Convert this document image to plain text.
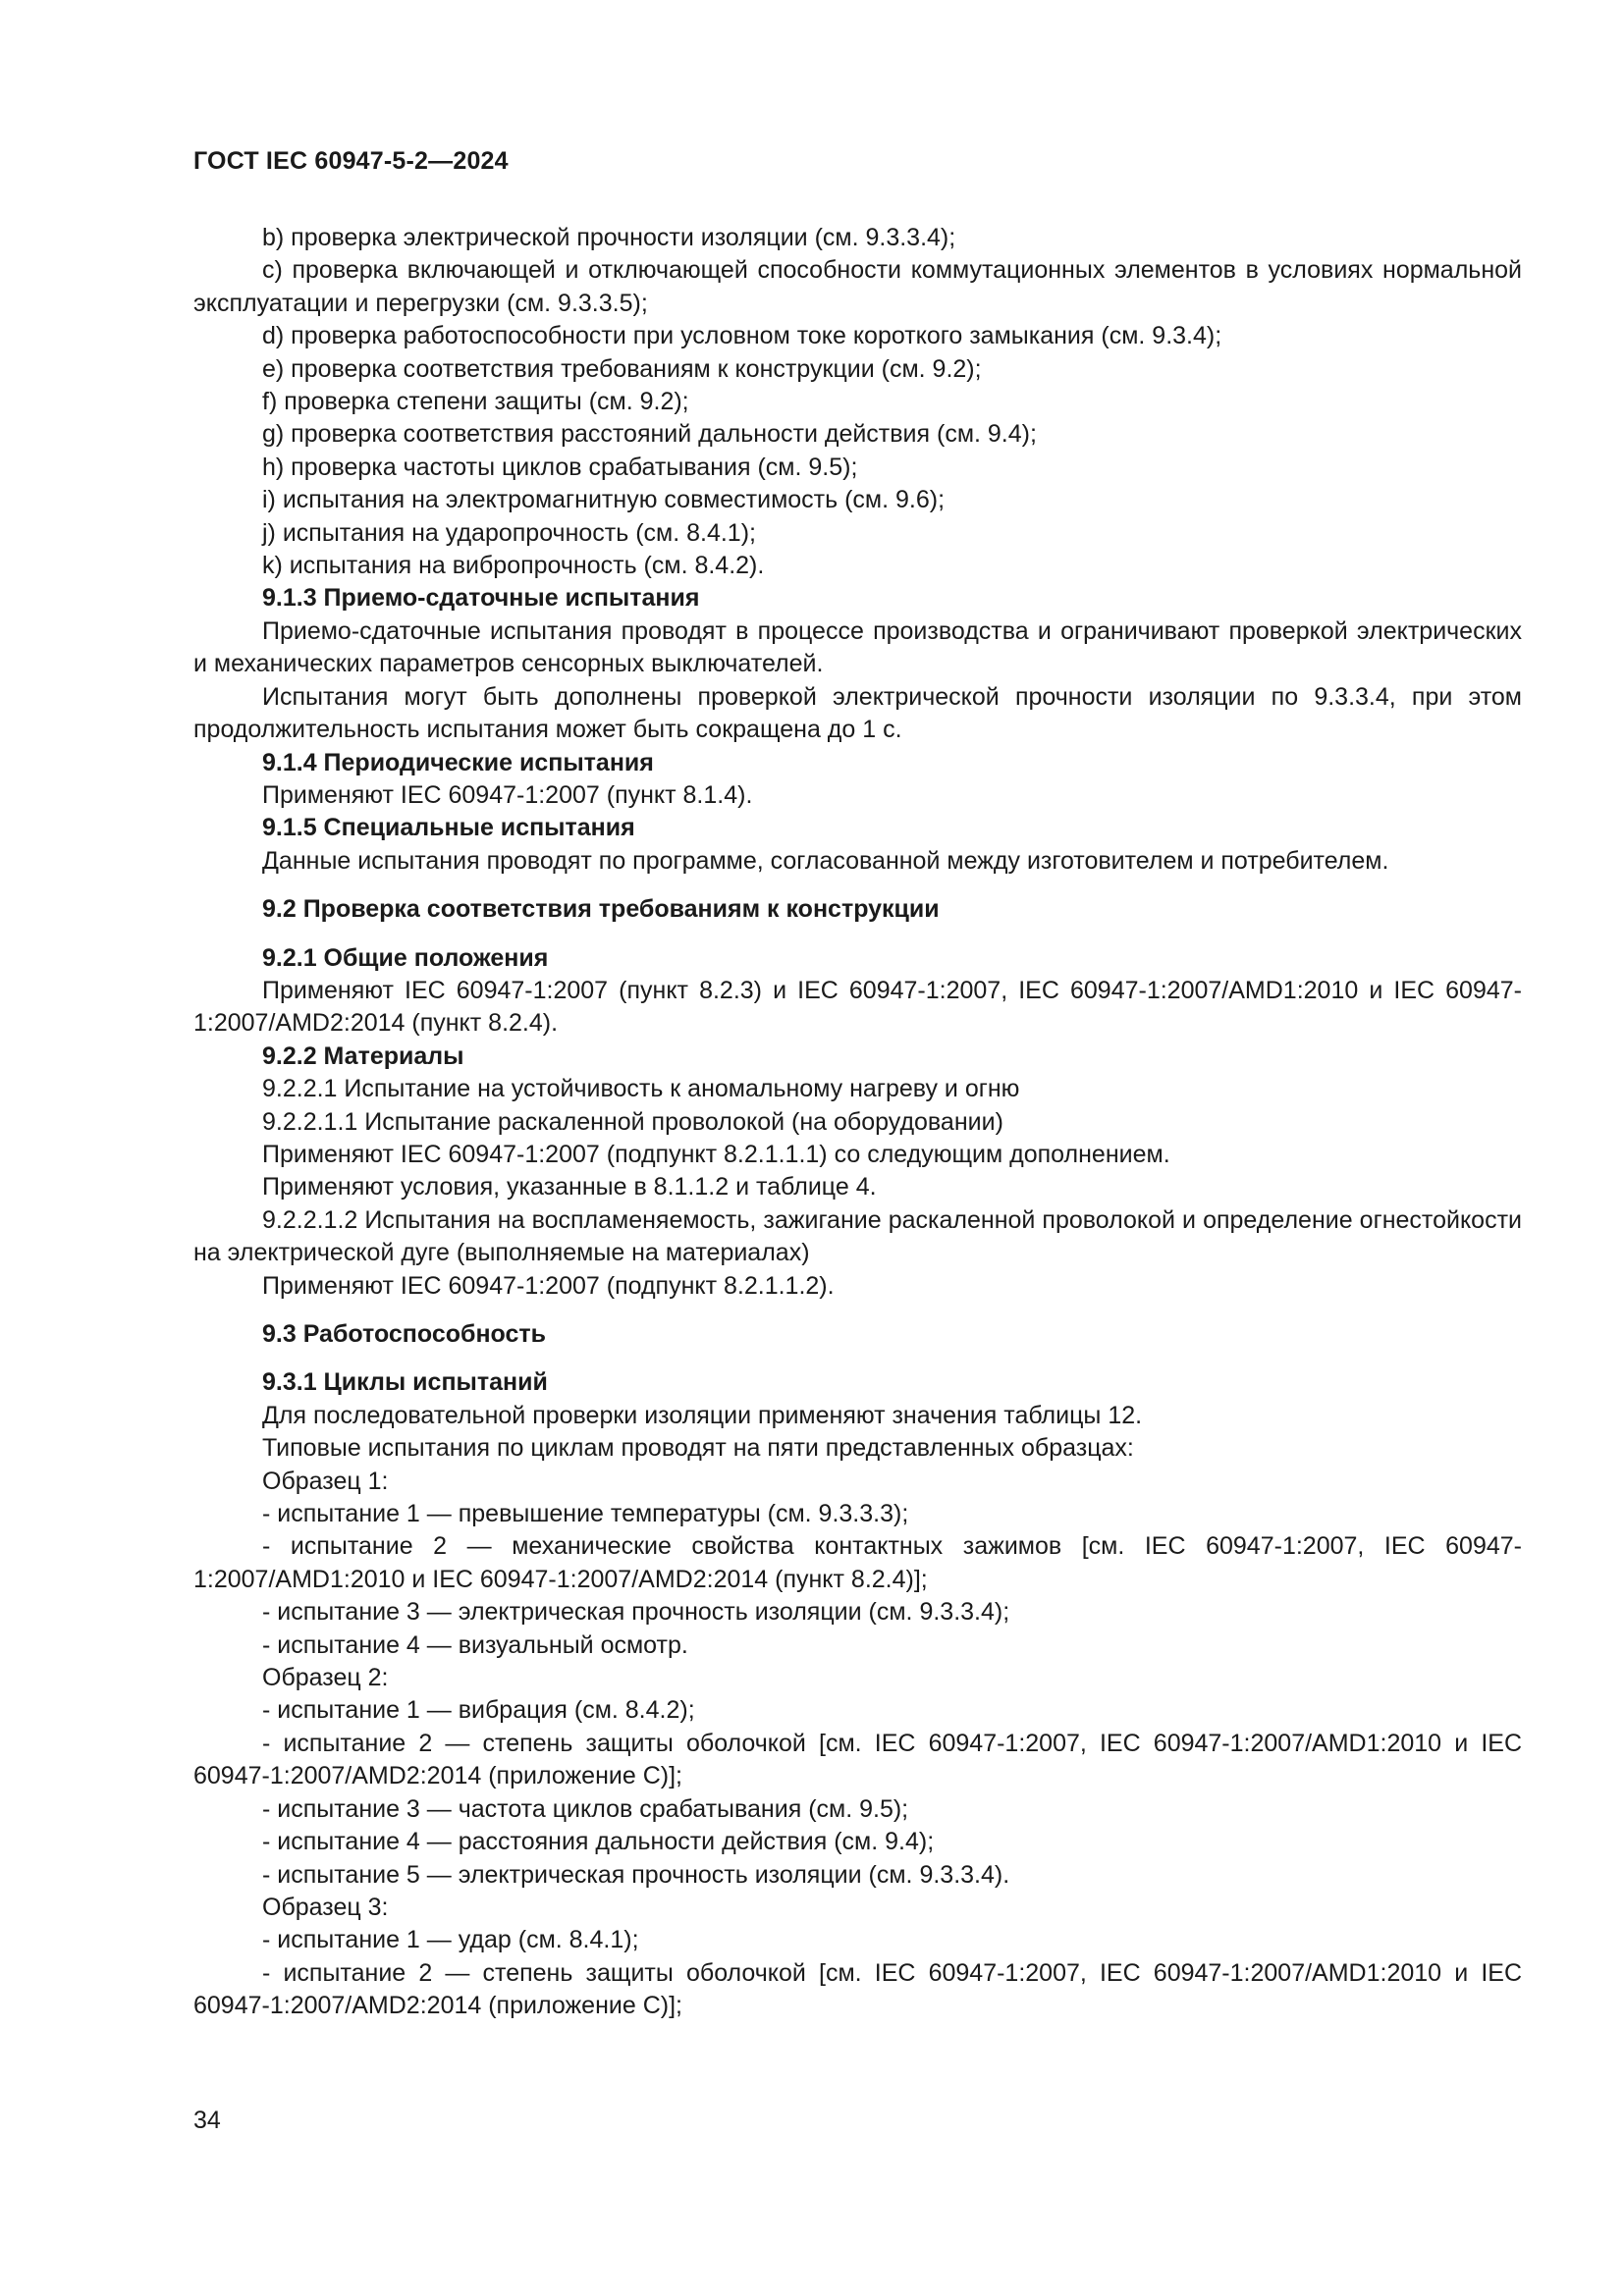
ГОСТ IEC 60947-5-2—2024

b) проверка электрической прочности изоляции (см. 9.3.3.4);

c) проверка включающей и отключающей способности коммутационных элементов в условиях нормальной эксплуатации и перегрузки (см. 9.3.3.5);

d) проверка работоспособности при условном токе короткого замыкания (см. 9.3.4);

e) проверка соответствия требованиям к конструкции (см. 9.2);

f) проверка степени защиты (см. 9.2);

g) проверка соответствия расстояний дальности действия (см. 9.4);

h) проверка частоты циклов срабатывания (см. 9.5);

i) испытания на электромагнитную совместимость (см. 9.6);

j) испытания на ударопрочность (см. 8.4.1);

k) испытания на вибропрочность (см. 8.4.2).

9.1.3 Приемо-сдаточные испытания

Приемо-сдаточные испытания проводят в процессе производства и ограничивают проверкой электрических и механических параметров сенсорных выключателей.

Испытания могут быть дополнены проверкой электрической прочности изоляции по 9.3.3.4, при этом продолжительность испытания может быть сокращена до 1 с.

9.1.4 Периодические испытания

Применяют IEC 60947-1:2007 (пункт 8.1.4).

9.1.5 Специальные испытания

Данные испытания проводят по программе, согласованной между изготовителем и потребителем.

9.2 Проверка соответствия требованиям к конструкции

9.2.1 Общие положения

Применяют IEC 60947-1:2007 (пункт 8.2.3) и IEC 60947-1:2007, IEC 60947-1:2007/AMD1:2010 и IEC 60947-1:2007/AMD2:2014 (пункт 8.2.4).

9.2.2 Материалы

9.2.2.1 Испытание на устойчивость к аномальному нагреву и огню

9.2.2.1.1 Испытание раскаленной проволокой (на оборудовании)

Применяют IEC 60947-1:2007 (подпункт 8.2.1.1.1) со следующим дополнением.

Применяют условия, указанные в 8.1.1.2 и таблице 4.

9.2.2.1.2 Испытания на воспламеняемость, зажигание раскаленной проволокой и определение огнестойкости на электрической дуге (выполняемые на материалах)

Применяют IEC 60947-1:2007 (подпункт 8.2.1.1.2).

9.3 Работоспособность

9.3.1 Циклы испытаний

Для последовательной проверки изоляции применяют значения таблицы 12.

Типовые испытания по циклам проводят на пяти представленных образцах:

Образец 1:

- испытание 1 — превышение температуры (см. 9.3.3.3);

- испытание 2 — механические свойства контактных зажимов [см. IEC 60947-1:2007, IEC 60947-1:2007/AMD1:2010 и IEC 60947-1:2007/AMD2:2014 (пункт 8.2.4)];

- испытание 3 — электрическая прочность изоляции (см. 9.3.3.4);

- испытание 4 — визуальный осмотр.

Образец 2:

- испытание 1 — вибрация (см. 8.4.2);

- испытание 2 — степень защиты оболочкой [см. IEC 60947-1:2007, IEC 60947-1:2007/AMD1:2010 и IEC 60947-1:2007/AMD2:2014 (приложение С)];

- испытание 3 — частота циклов срабатывания (см. 9.5);

- испытание 4 — расстояния дальности действия (см. 9.4);

- испытание 5 — электрическая прочность изоляции (см. 9.3.3.4).

Образец 3:

- испытание 1 — удар (см. 8.4.1);

- испытание 2 — степень защиты оболочкой [см. IEC 60947-1:2007, IEC 60947-1:2007/AMD1:2010 и IEC 60947-1:2007/AMD2:2014 (приложение С)];

34
